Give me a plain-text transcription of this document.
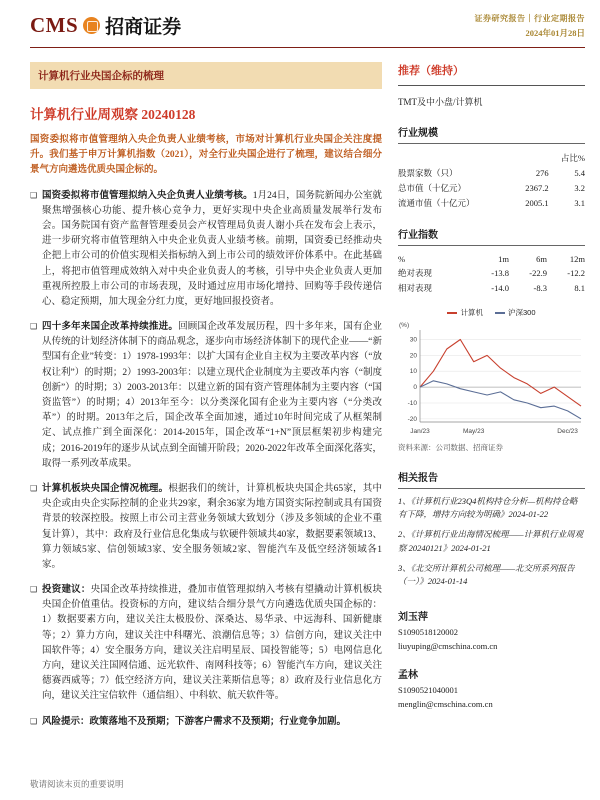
CMS 招商证券	证券研究报告｜行业定期报告
2024年01月28日
计算机行业央国企标的梳理
计算机行业周观察 20240128

国资委拟将市值管理纳入央企负责人业绩考核，市场对计算机行业央国企关注度提升。我们基于申万计算机指数（2021），对全行业央国企进行了梳理，建议结合细分景气方向遴选优质央国企标的。

❑ 国资委拟将市值管理拟纳入央企负责人业绩考核。1月24日，国务院新闻办公室就聚焦增强核心功能、提升核心竞争力，更好实现中央企业高质量发展举行发布会。国务院国有资产监督管理委员会产权管理局负责人谢小兵在发布会上表示，进一步研究将市值管理纳入中央企业负责人业绩考核。前期，国资委已经推动央企把上市公司的价值实现相关指标纳入到上市公司的绩效评价体系中。在此基础上，将把市值管理成效纳入对中央企业负责人的考核，引导中央企业负责人更加重视所控股上市公司的市场表现，及时通过应用市场化增持、回购等手段传递信心、稳定预期，加大现金分红力度，更好地回报投资者。
❑ 四十多年来国企改革持续推进。回顾国企改革发展历程，四十多年来，国有企业从传统的计划经济体制下的商品观念，逐步向市场经济体制下的现代企业——“新型国有企业”转变：1）1978-1993年：以扩大国有企业自主权为主要改革内容（“放权让利”）的时期；2）1993-2003年：以建立现代企业制度为主要改革内容（“制度创新”）的时期；3）2003-2013年：以建立新的国有资产管理体制为主要内容（“国资监管”）的时期；4）2013年至今：以分类深化国有企业为主要内容（“分类改革”）的时期。2013年之后，国企改革全面加速，通过10年时间完成了从框架制定、试点推广到全面深化：2014-2015年，国企改革“1+N”顶层框架初步构建完成；2016-2019年的逐步从试点到全面铺开阶段；2020-2022年改革全面深化落实，取得一系列改革成果。
❑ 计算机板块央国企情况梳理。根据我们的统计，计算机板块央国企共65家，其中央企或由央企实际控制的企业共29家，剩余36家为地方国资实际控制或具有国资背景的较深控股。按照上市公司主营业务领域大致划分（涉及多领域的企业不重复计算），其中：政府及行业信息化集成与软硬件领域共40家，数据要素领域13、算力领域5家、信创领域3家、安全服务领域2家、智能汽车及低空经济领域各1家。
❑ 投资建议：央国企改革持续推进，叠加市值管理拟纳入考核有望撬动计算机板块央国企价值重估。投资标的方向，建议结合细分景气方向遴选优质央国企标的：1）数据要素方向，建议关注太极股份、深桑达、易华录、中远海科、国新健康等；2）算力方向，建议关注中科曙光、浪潮信息等；3）信创方向，建议关注中国软件等；4）安全服务方向，建议关注启明星辰、国投智能等；5）电网信息化方向，建议关注国网信通、远光软件、南网科技等；6）智能汽车方向，建议关注德赛西威等；7）低空经济方向，建议关注莱斯信息等；8）政府及行业信息化方向，建议关注宝信软件（通信组）、中科软、航天软件等。
❑ 风险提示：政策落地不及预期；下游客户需求不及预期；行业竞争加剧。
推荐（维持）
TMT及中小盘/计算机
行业规模
		占比%
股票家数（只）	276	5.4
总市值（十亿元）	2367.2	3.2
流通市值（十亿元）	2005.1	3.1
行业指数
%	1m	6m	12m
绝对表现	-13.8	-22.9	-12.2
相对表现	-14.0	-8.3	8.1
计算机	沪深300
30
20
10
0
-10
-20
(%)
Jan/23	May/23	Dec/23
资料来源：公司数据、招商证券
相关报告
1、《计算机行业23Q4机构持仓分析—机构持仓略有下降，增持方向较为明确》2024-01-22
2、《计算机行业出海情况梳理——计算机行业周观察 20240121》2024-01-21
3、《北交所计算机公司梳理——北交所系列报告（一）》2024-01-14
刘玉萍
S1090518120002
liuyuping@cmschina.com.cn
孟林
S1090521040001
menglin@cmschina.com.cn
敬请阅读末页的重要说明
